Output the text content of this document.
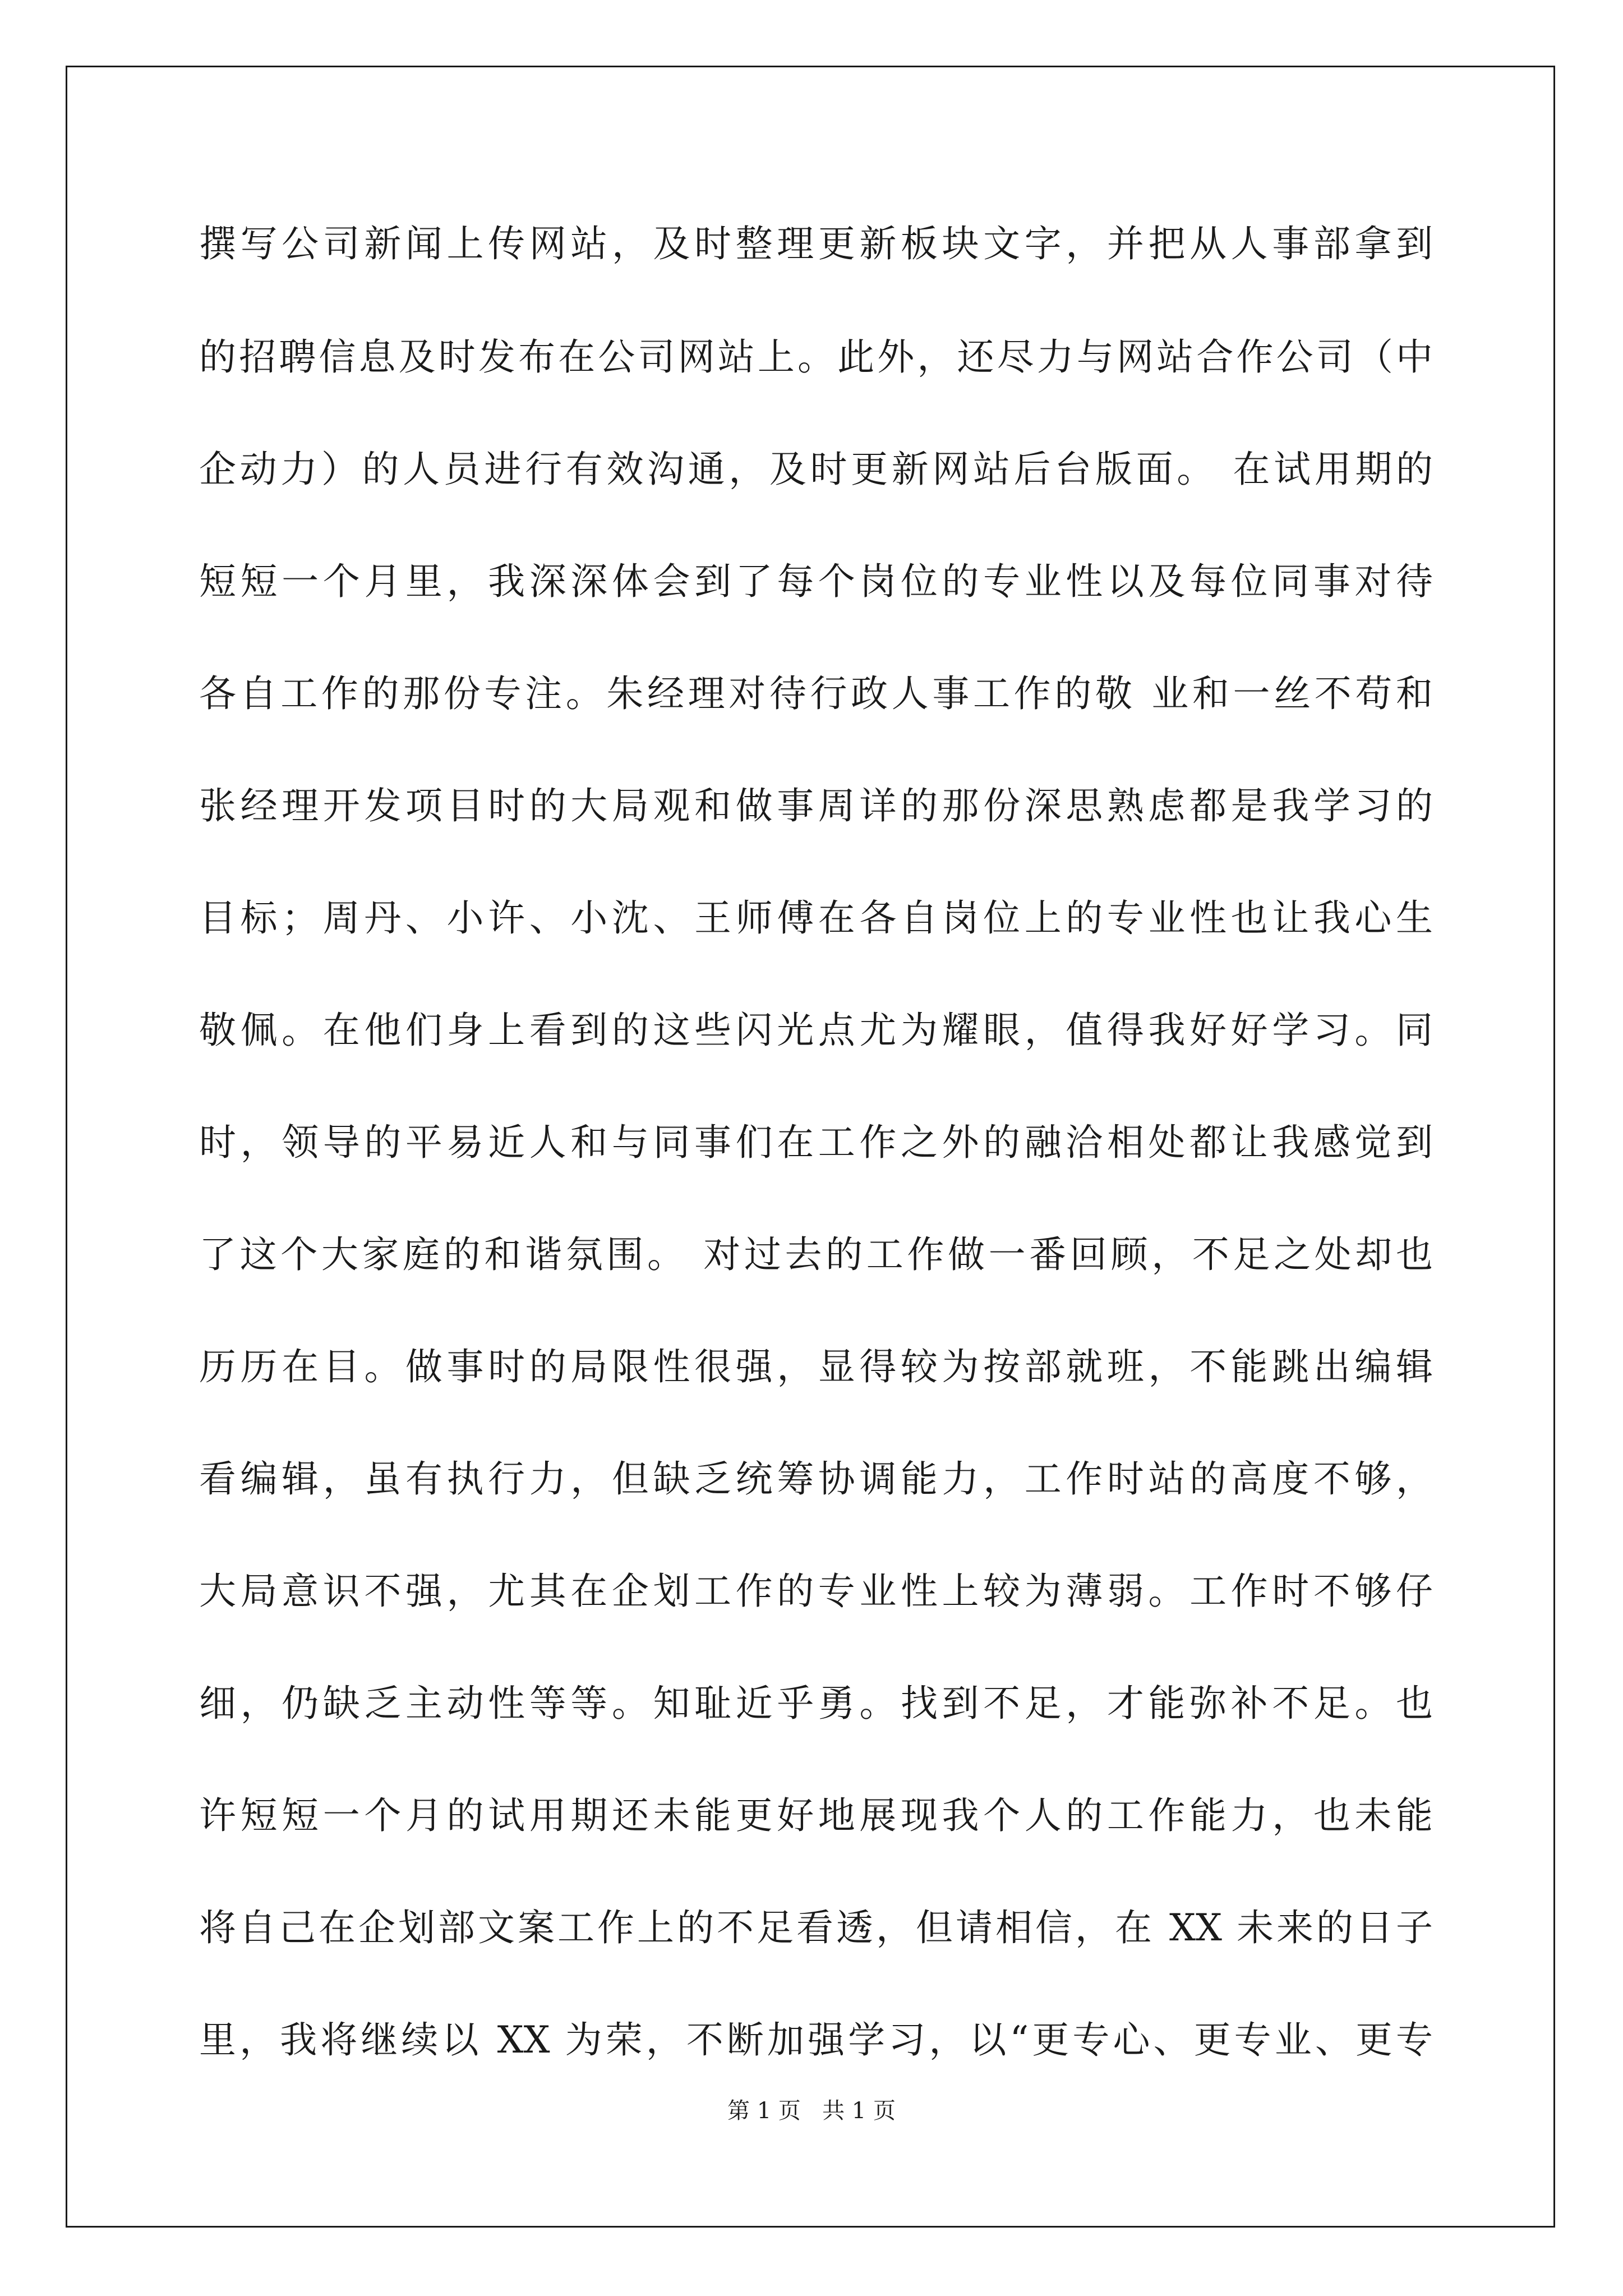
撰写公司新闻上传网站，及时整理更新板块文字，并把从人事部拿到
的招聘信息及时发布在公司网站上。此外，还尽力与网站合作公司（中
企动力）的人员进行有效沟通，及时更新网站后台版面。 在试用期的
短短一个月里，我深深体会到了每个岗位的专业性以及每位同事对待
各自工作的那份专注。朱经理对待行政人事工作的敬 业和一丝不苟和
张经理开发项目时的大局观和做事周详的那份深思熟虑都是我学习的
目标；周丹、小许、小沈、王师傅在各自岗位上的专业性也让我心生
敬佩。在他们身上看到的这些闪光点尤为耀眼，值得我好好学习。同
时，领导的平易近人和与同事们在工作之外的融洽相处都让我感觉到
了这个大家庭的和谐氛围。 对过去的工作做一番回顾，不足之处却也
历历在目。做事时的局限性很强，显得较为按部就班，不能跳出编辑
看编辑，虽有执行力，但缺乏统筹协调能力，工作时站的高度不够，
大局意识不强，尤其在企划工作的专业性上较为薄弱。工作时不够仔
细，仍缺乏主动性等等。知耻近乎勇。找到不足，才能弥补不足。也
许短短一个月的试用期还未能更好地展现我个人的工作能力，也未能
将自己在企划部文案工作上的不足看透，但请相信，在 XX 未来的日子
里，我将继续以 XX 为荣，不断加强学习，以“更专心、更专业、更专
第 1 页   共 1 页
